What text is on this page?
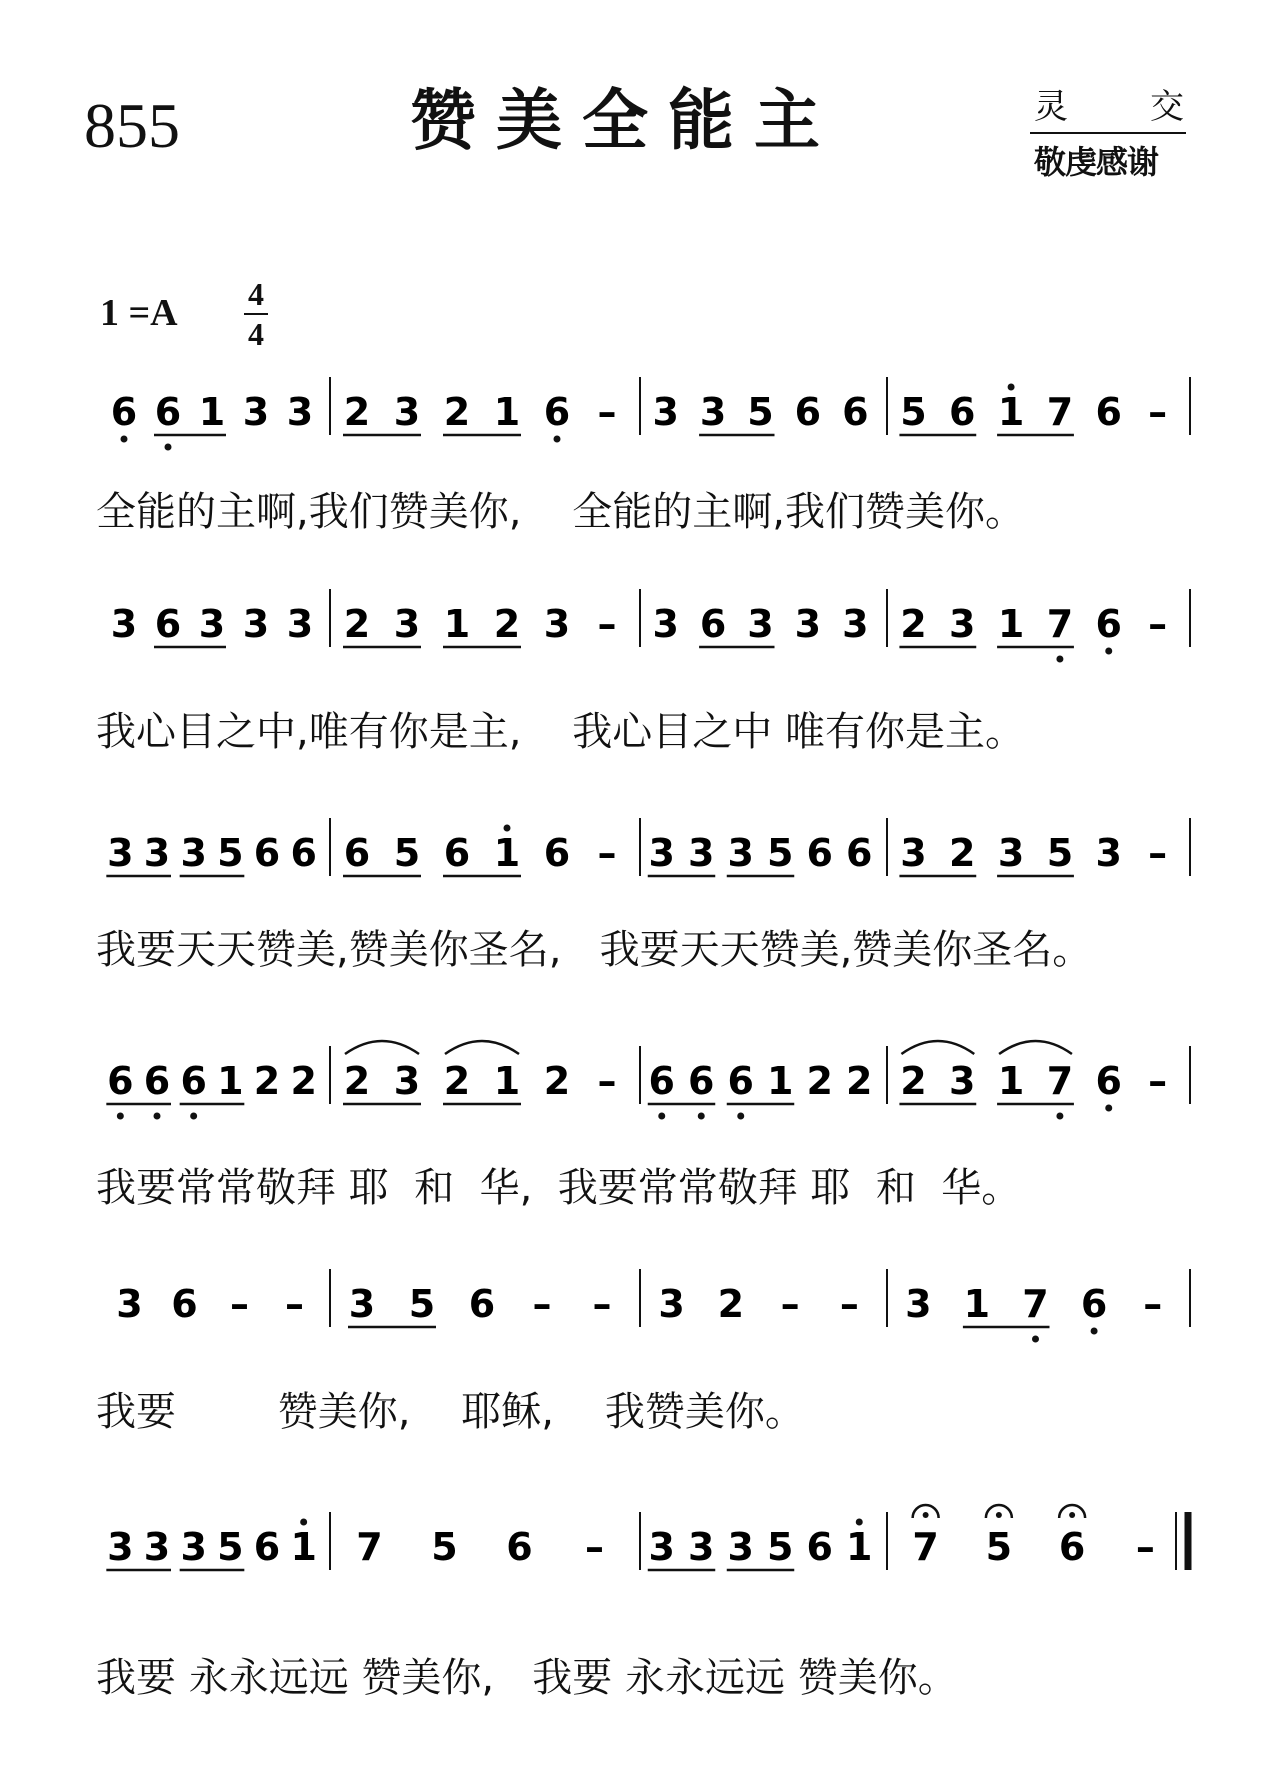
855	赞美全能主	灵交
敬虔感谢
1 =A 4
4
6 6 1 3 3 2 3 2 1 6 – 3 3 5 6 6 5 6 1 7 6 –
3 6 3 3 3 2 3 1 2 3 – 3 6 3 3 3 2 3 1 7 6 –
3 3 3 5 6 6 6 5 6 1 6 – 3 3 3 5 6 6 3 2 3 5 3 –
6 6 6 1 2 2 2 3 2 1 2 – 6 6 6 1 2 2 2 3 1 7 6 –
3 6 – – 3 5 6 – – 3 2 – – 3 1 7 6 –
3 3 3 5 6 1 7 5 6 – 3 3 3 5 6 1 7 5 6 –
全能的主啊,我们赞美你,    全能的主啊,我们赞美你。
我心目之中,唯有你是主,    我心目之中 唯有你是主。
我要天天赞美,赞美你圣名,   我要天天赞美,赞美你圣名。
我要常常敬拜 耶  和  华,  我要常常敬拜 耶  和  华。
我要        赞美你,    耶稣,    我赞美你。
我要 永永远远 赞美你,   我要 永永远远 赞美你。
